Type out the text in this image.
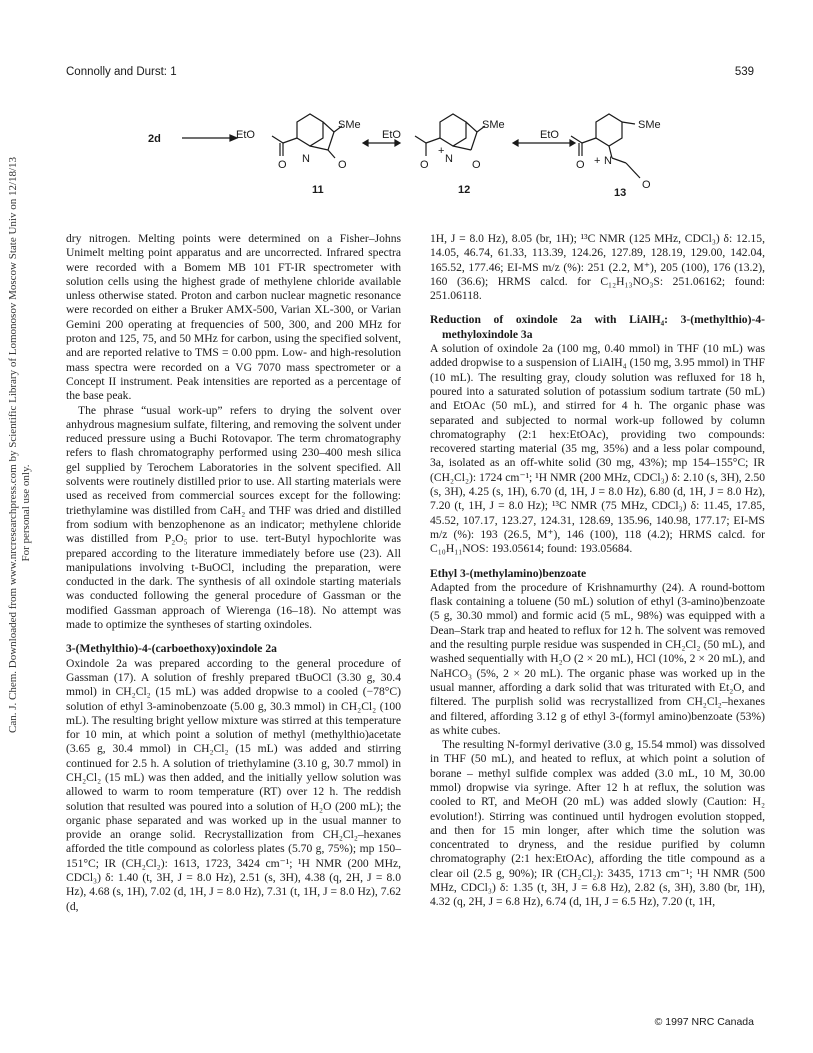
Connolly and Durst: 1	539
Can. J. Chem. Downloaded from www.nrcresearchpress.com by Scientific Library of Lomonosov Moscow State Univ on 12/18/13 For personal use only.
2d	EtO
SMe
O N	O
11
EtO
SMe
O N
+
O
12
EtO
SMe
O N
+
O
13

dry nitrogen. Melting points were determined on a Fisher–Johns Unimelt melting point apparatus and are uncorrected. Infrared spectra were recorded with a Bomem MB 101 FT-IR spectrometer with solution cells using the highest grade of methylene chloride available unless otherwise stated. Proton and carbon nuclear magnetic resonance were recorded on either a Bruker AMX-500, Varian XL-300, or Varian Gemini 200 operating at frequencies of 500, 300, and 200 MHz for proton and 125, 75, and 50 MHz for carbon, using the specified solvent, and are reported relative to TMS = 0.00 ppm. Low- and high-resolution mass spectra were recorded on a VG 7070 mass spectrometer or a Concept II instrument. Peak intensities are reported as a percentage of the base peak.

The phrase “usual work-up” refers to drying the solvent over anhydrous magnesium sulfate, filtering, and removing the solvent under reduced pressure using a Buchi Rotovapor. The term chromatography refers to flash chromatography performed using 230–400 mesh silica gel supplied by Terochem Laboratories in the solvent specified. All solvents were routinely distilled prior to use. All starting materials were used as received from commercial sources except for the following: triethylamine was distilled from CaH₂ and THF was dried and distilled from sodium with benzophenone as an indicator; methylene chloride was distilled from P₂O₅ prior to use. tert-Butyl hypochlorite was prepared according to the literature immediately before use (23). All manipulations involving t-BuOCl, including the preparation, were conducted in the dark. The synthesis of all oxindole starting materials was conducted following the general procedure of Gassman or the modified Gassman approach of Wierenga (16–18). No attempt was made to optimize the syntheses of starting oxindoles.

3-(Methylthio)-4-(carboethoxy)oxindole 2a

Oxindole 2a was prepared according to the general procedure of Gassman (17). A solution of freshly prepared tBuOCl (3.30 g, 30.4 mmol) in CH₂Cl₂ (15 mL) was added dropwise to a cooled (−78°C) solution of ethyl 3-aminobenzoate (5.00 g, 30.3 mmol) in CH₂Cl₂ (100 mL). The resulting bright yellow mixture was stirred at this temperature for 10 min, at which point a solution of methyl (methylthio)acetate (3.65 g, 30.4 mmol) in CH₂Cl₂ (15 mL) was added and stirring continued for 2.5 h. A solution of triethylamine (3.10 g, 30.7 mmol) in CH₂Cl₂ (15 mL) was then added, and the initially yellow solution was allowed to warm to room temperature (RT) over 12 h. The reddish solution that resulted was poured into a solution of H₂O (200 mL); the organic phase separated and was worked up in the usual manner to provide an orange solid. Recrystallization from CH₂Cl₂–hexanes afforded the title compound as colorless plates (5.70 g, 75%); mp 150–151°C; IR (CH₂Cl₂): 1613, 1723, 3424 cm⁻¹; ¹H NMR (200 MHz, CDCl₃) δ: 1.40 (t, 3H, J = 8.0 Hz), 2.51 (s, 3H), 4.38 (q, 2H, J = 8.0 Hz), 4.68 (s, 1H), 7.02 (d, 1H, J = 8.0 Hz), 7.31 (t, 1H, J = 8.0 Hz), 7.62 (d,

1H, J = 8.0 Hz), 8.05 (br, 1H); ¹³C NMR (125 MHz, CDCl₃) δ: 12.15, 14.05, 46.74, 61.33, 113.39, 124.26, 127.89, 128.19, 129.00, 142.04, 165.52, 177.46; EI-MS m/z (%): 251 (2.2, M⁺), 205 (100), 176 (13.2), 160 (36.6); HRMS calcd. for C₁₂H₁₃NO₃S: 251.06162; found: 251.06118.

Reduction of oxindole 2a with LiAlH₄: 3-(methylthio)-4-methyloxindole 3a

A solution of oxindole 2a (100 mg, 0.40 mmol) in THF (10 mL) was added dropwise to a suspension of LiAlH₄ (150 mg, 3.95 mmol) in THF (10 mL). The resulting gray, cloudy solution was refluxed for 18 h, poured into a saturated solution of potassium sodium tartrate (50 mL) and EtOAc (50 mL), and stirred for 4 h. The organic phase was separated and subjected to normal work-up followed by column chromatography (2:1 hex:EtOAc), providing two compounds: recovered starting material (35 mg, 35%) and a less polar compound, 3a, isolated as an off-white solid (30 mg, 43%); mp 154–155°C; IR (CH₂Cl₂): 1724 cm⁻¹; ¹H NMR (200 MHz, CDCl₃) δ: 2.10 (s, 3H), 2.50 (s, 3H), 4.25 (s, 1H), 6.70 (d, 1H, J = 8.0 Hz), 6.80 (d, 1H, J = 8.0 Hz), 7.20 (t, 1H, J = 8.0 Hz); ¹³C NMR (75 MHz, CDCl₃) δ: 11.45, 17.85, 45.52, 107.17, 123.27, 124.31, 128.69, 135.96, 140.98, 177.17; EI-MS m/z (%): 193 (26.5, M⁺), 146 (100), 118 (4.2); HRMS calcd. for C₁₀H₁₁NOS: 193.05614; found: 193.05684.

Ethyl 3-(methylamino)benzoate

Adapted from the procedure of Krishnamurthy (24). A round-bottom flask containing a toluene (50 mL) solution of ethyl (3-amino)benzoate (5 g, 30.30 mmol) and formic acid (5 mL, 98%) was equipped with a Dean–Stark trap and heated to reflux for 12 h. The solvent was removed and the resulting purple residue was suspended in CH₂Cl₂ (50 mL), and washed sequentially with H₂O (2 × 20 mL), HCl (10%, 2 × 20 mL), and NaHCO₃ (5%, 2 × 20 mL). The organic phase was worked up in the usual manner, affording a dark solid that was triturated with Et₂O, and filtered. The purplish solid was recrystallized from CH₂Cl₂–hexanes and filtered, affording 3.12 g of ethyl 3-(formyl amino)benzoate (53%) as white cubes.

The resulting N-formyl derivative (3.0 g, 15.54 mmol) was dissolved in THF (50 mL), and heated to reflux, at which point a solution of borane – methyl sulfide complex was added (3.0 mL, 10 M, 30.00 mmol) dropwise via syringe. After 12 h at reflux, the solution was cooled to RT, and MeOH (20 mL) was added slowly (Caution: H₂ evolution!). Stirring was continued until hydrogen evolution stopped, and then for 15 min longer, after which time the solution was concentrated to dryness, and the residue purified by column chromatography (2:1 hex:EtOAc), affording the title compound as a clear oil (2.5 g, 90%); IR (CH₂Cl₂): 3435, 1713 cm⁻¹; ¹H NMR (500 MHz, CDCl₃) δ: 1.35 (t, 3H, J = 6.8 Hz), 2.82 (s, 3H), 3.80 (br, 1H), 4.32 (q, 2H, J = 6.8 Hz), 6.74 (d, 1H, J = 6.5 Hz), 7.20 (t, 1H,

© 1997 NRC Canada
